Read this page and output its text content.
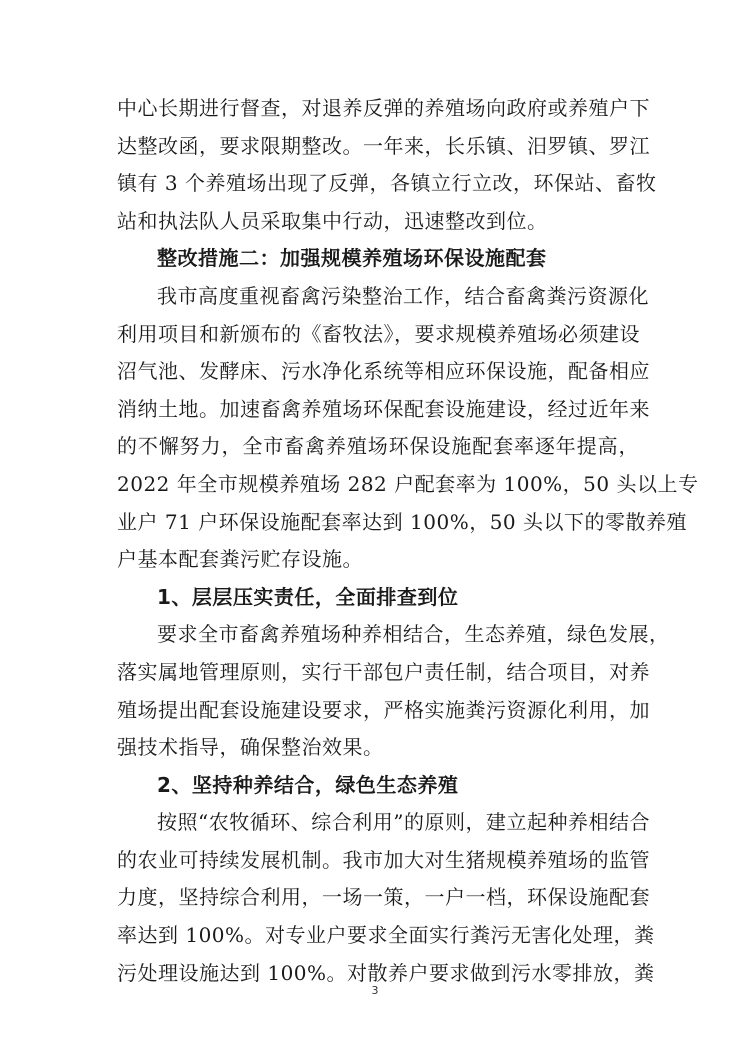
中心长期进行督查，对退养反弹的养殖场向政府或养殖户下
达整改函，要求限期整改。一年来，长乐镇、汨罗镇、罗江
镇有 3 个养殖场出现了反弹，各镇立行立改，环保站、畜牧
站和执法队人员采取集中行动，迅速整改到位。
整改措施二：加强规模养殖场环保设施配套
我市高度重视畜禽污染整治工作，结合畜禽粪污资源化
利用项目和新颁布的《畜牧法》，要求规模养殖场必须建设
沼气池、发酵床、污水净化系统等相应环保设施，配备相应
消纳土地。加速畜禽养殖场环保配套设施建设，经过近年来
的不懈努力，全市畜禽养殖场环保设施配套率逐年提高，
2022 年全市规模养殖场 282 户配套率为 100%，50 头以上专
业户 71 户环保设施配套率达到 100%，50 头以下的零散养殖
户基本配套粪污贮存设施。
1、层层压实责任，全面排查到位
要求全市畜禽养殖场种养相结合，生态养殖，绿色发展，
落实属地管理原则，实行干部包户责任制，结合项目，对养
殖场提出配套设施建设要求，严格实施粪污资源化利用，加
强技术指导，确保整治效果。
2、坚持种养结合，绿色生态养殖
按照“农牧循环、综合利用”的原则，建立起种养相结合
的农业可持续发展机制。我市加大对生猪规模养殖场的监管
力度，坚持综合利用，一场一策，一户一档，环保设施配套
率达到 100%。对专业户要求全面实行粪污无害化处理，粪
污处理设施达到 100%。对散养户要求做到污水零排放，粪
3
